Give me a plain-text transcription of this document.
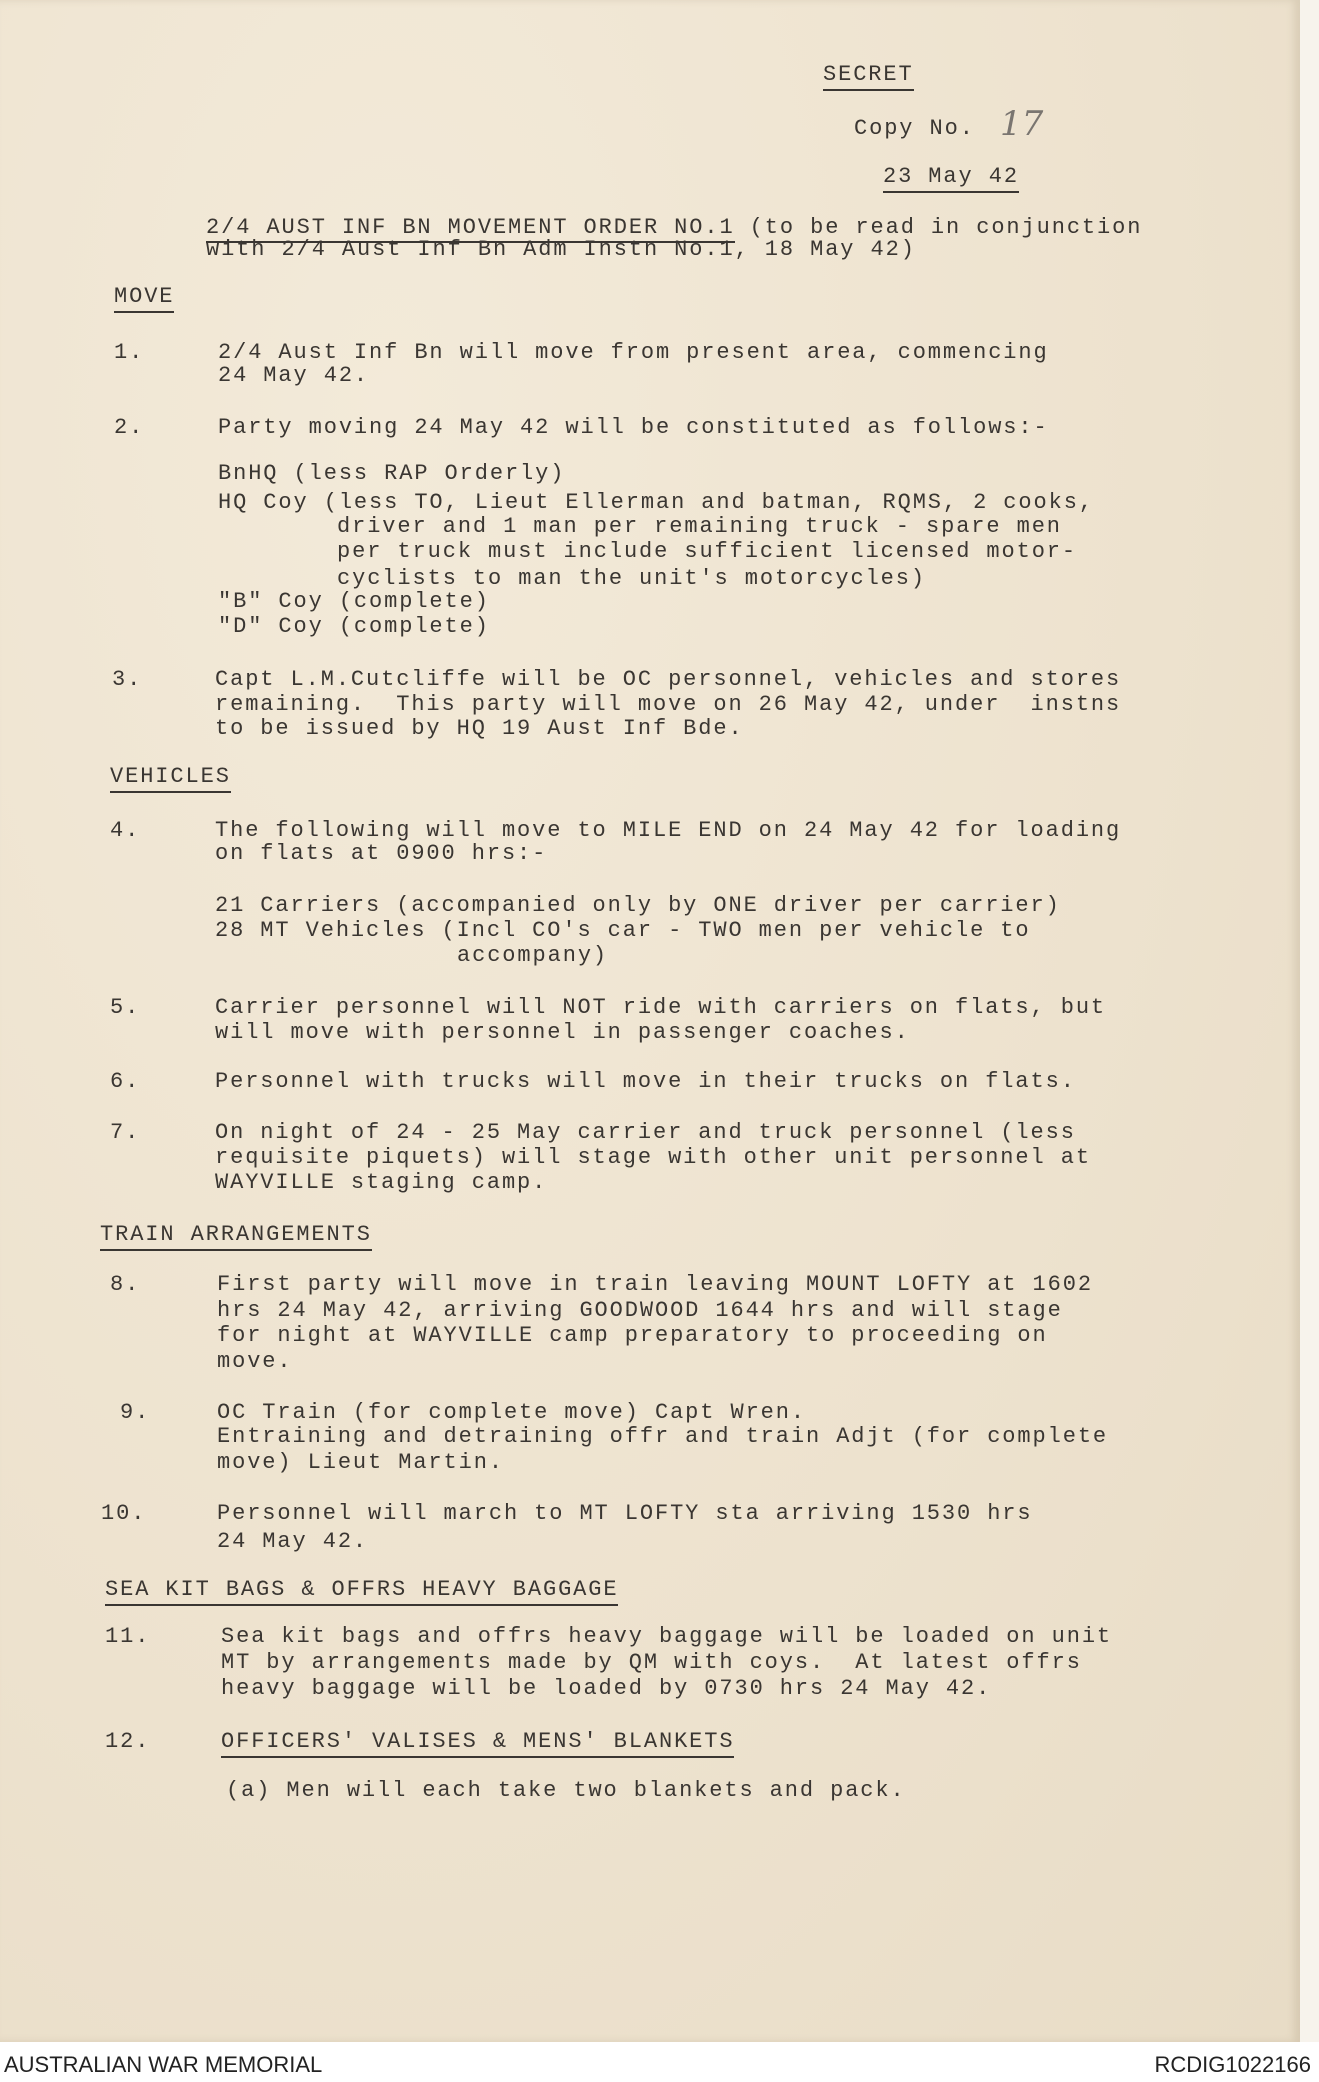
SECRET
Copy No. 17
23 May 42
2/4 AUST INF BN MOVEMENT ORDER NO.1 (to be read in conjunction
with 2/4 Aust Inf Bn Adm Instn No.1, 18 May 42)
MOVE
1.	2/4 Aust Inf Bn will move from present area, commencing
24 May 42.
2.	Party moving 24 May 42 will be constituted as follows:-
BnHQ (less RAP Orderly)
HQ Coy (less TO, Lieut Ellerman and batman, RQMS, 2 cooks,
driver and 1 man per remaining truck - spare men
per truck must include sufficient licensed motor-
cyclists to man the unit's motorcycles)
"B" Coy (complete)
"D" Coy (complete)
3.	Capt L.M.Cutcliffe will be OC personnel, vehicles and stores
remaining.  This party will move on 26 May 42, under  instns
to be issued by HQ 19 Aust Inf Bde.
VEHICLES
4.	The following will move to MILE END on 24 May 42 for loading
on flats at 0900 hrs:-
21 Carriers (accompanied only by ONE driver per carrier)
28 MT Vehicles (Incl CO's car - TWO men per vehicle to
accompany)
5.	Carrier personnel will NOT ride with carriers on flats, but
will move with personnel in passenger coaches.
6.	Personnel with trucks will move in their trucks on flats.
7.	On night of 24 - 25 May carrier and truck personnel (less
requisite piquets) will stage with other unit personnel at
WAYVILLE staging camp.
TRAIN ARRANGEMENTS
8.	First party will move in train leaving MOUNT LOFTY at 1602
hrs 24 May 42, arriving GOODWOOD 1644 hrs and will stage
for night at WAYVILLE camp preparatory to proceeding on
move.
9.	OC Train (for complete move) Capt Wren.
Entraining and detraining offr and train Adjt (for complete
move) Lieut Martin.
10.	Personnel will march to MT LOFTY sta arriving 1530 hrs
24 May 42.
SEA KIT BAGS & OFFRS HEAVY BAGGAGE
11.	Sea kit bags and offrs heavy baggage will be loaded on unit
MT by arrangements made by QM with coys.  At latest offrs
heavy baggage will be loaded by 0730 hrs 24 May 42.
12.	OFFICERS' VALISES & MENS' BLANKETS
(a) Men will each take two blankets and pack.
AUSTRALIAN WAR MEMORIAL	RCDIG1022166
